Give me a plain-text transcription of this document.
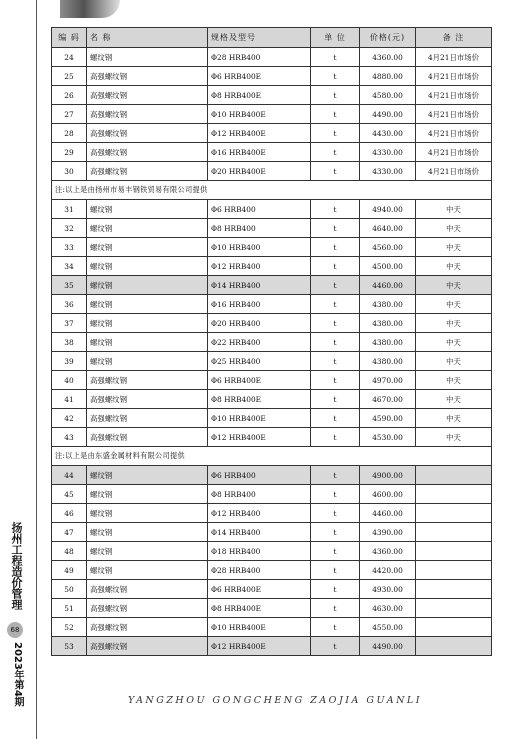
编 码	名 称	规格及型号	单 位	价格(元)	备 注
24	螺纹钢	Φ28 HRB400	t	4360.00	4月21日市场价
25	高强螺纹钢	Φ6 HRB400E	t	4880.00	4月21日市场价
26	高强螺纹钢	Φ8 HRB400E	t	4580.00	4月21日市场价
27	高强螺纹钢	Φ10 HRB400E	t	4490.00	4月21日市场价
28	高强螺纹钢	Φ12 HRB400E	t	4430.00	4月21日市场价
29	高强螺纹钢	Φ16 HRB400E	t	4330.00	4月21日市场价
30	高强螺纹钢	Φ20 HRB400E	t	4330.00	4月21日市场价
注:以上是由扬州市易丰钢铁贸易有限公司提供					
31	螺纹钢	Φ6 HRB400	t	4940.00	中天
32	螺纹钢	Φ8 HRB400	t	4640.00	中天
33	螺纹钢	Φ10 HRB400	t	4560.00	中天
34	螺纹钢	Φ12 HRB400	t	4500.00	中天
35	螺纹钢	Φ14 HRB400	t	4460.00	中天
36	螺纹钢	Φ16 HRB400	t	4380.00	中天
37	螺纹钢	Φ20 HRB400	t	4380.00	中天
38	螺纹钢	Φ22 HRB400	t	4380.00	中天
39	螺纹钢	Φ25 HRB400	t	4380.00	中天
40	高强螺纹钢	Φ6 HRB400E	t	4970.00	中天
41	高强螺纹钢	Φ8 HRB400E	t	4670.00	中天
42	高强螺纹钢	Φ10 HRB400E	t	4590.00	中天
43	高强螺纹钢	Φ12 HRB400E	t	4530.00	中天
注:以上是由东盛金属材料有限公司提供					
44	螺纹钢	Φ6 HRB400	t	4900.00	
45	螺纹钢	Φ8 HRB400	t	4600.00	
46	螺纹钢	Φ12 HRB400	t	4460.00	
47	螺纹钢	Φ14 HRB400	t	4390.00	
48	螺纹钢	Φ18 HRB400	t	4360.00	
49	螺纹钢	Φ28 HRB400	t	4420.00	
50	高强螺纹钢	Φ6 HRB400E	t	4930.00	
51	高强螺纹钢	Φ8 HRB400E	t	4630.00	
52	高强螺纹钢	Φ10 HRB400E	t	4550.00	
53	高强螺纹钢	Φ12 HRB400E	t	4490.00	
扬州工程造价管理
68
2023年第4期	YANGZHOU GONGCHENG ZAOJIA GUANLI
